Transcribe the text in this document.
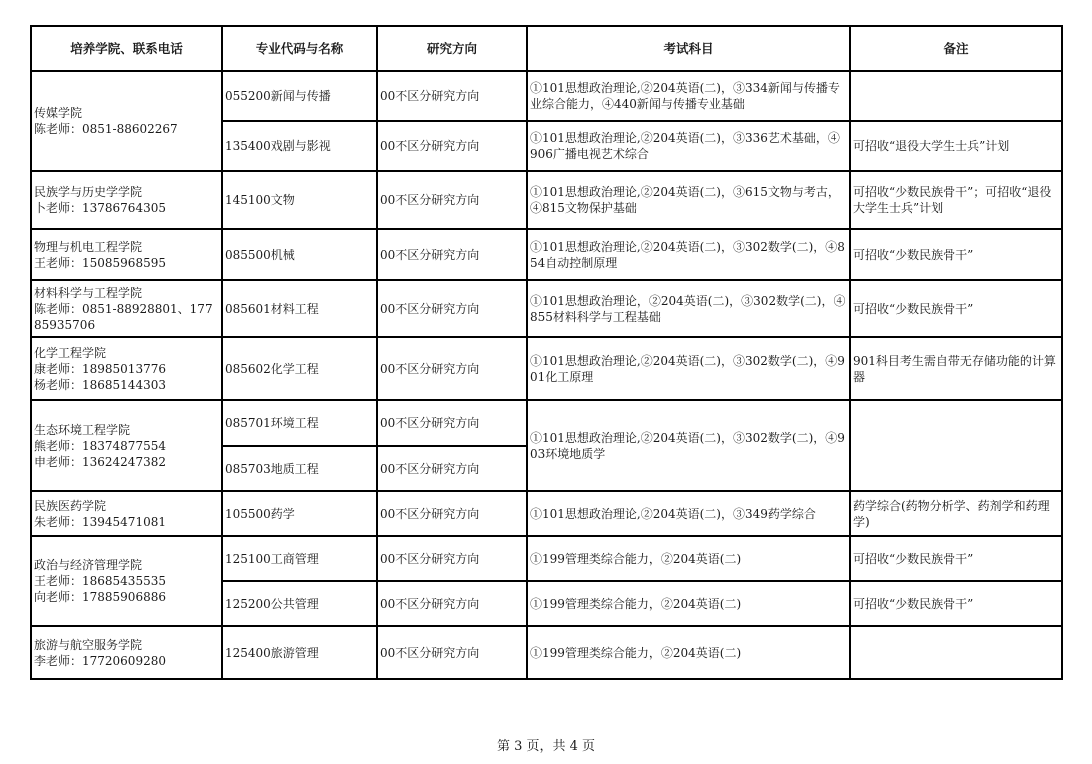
培养学院、联系电话	专业代码与名称	研究方向	考试科目	备注

传媒学院
陈老师：0851-88602267	055200新闻与传播	00不区分研究方向	①101思想政治理论,②204英语(二)，③334新闻与传播专业综合能力，④440新闻与传播专业基础	
	135400戏剧与影视	00不区分研究方向	①101思想政治理论,②204英语(二)，③336艺术基础，④906广播电视艺术综合	可招收“退役大学生士兵”计划

民族学与历史学学院
卜老师：13786764305	145100文物	00不区分研究方向	①101思想政治理论,②204英语(二)，③615文物与考古，④815文物保护基础	可招收“少数民族骨干”；可招收“退役大学生士兵”计划

物理与机电工程学院
王老师：15085968595	085500机械	00不区分研究方向	①101思想政治理论,②204英语(二)，③302数学(二)，④854自动控制原理	可招收“少数民族骨干”

材料科学与工程学院
陈老师：0851-88928801、17785935706	085601材料工程	00不区分研究方向	①101思想政治理论，②204英语(二)，③302数学(二)，④855材料科学与工程基础	可招收“少数民族骨干”

化学工程学院
康老师：18985013776
杨老师：18685144303	085602化学工程	00不区分研究方向	①101思想政治理论,②204英语(二)，③302数学(二)，④901化工原理	901科目考生需自带无存储功能的计算器

生态环境工程学院
熊老师：18374877554
申老师：13624247382	085701环境工程	00不区分研究方向	①101思想政治理论,②204英语(二)，③302数学(二)，④903环境地质学	
	085703地质工程	00不区分研究方向		

民族医药学院
朱老师：13945471081	105500药学	00不区分研究方向	①101思想政治理论,②204英语(二)，③349药学综合	药学综合(药物分析学、药剂学和药理学)

政治与经济管理学院
王老师：18685435535
向老师：17885906886	125100工商管理	00不区分研究方向	①199管理类综合能力，②204英语(二)	可招收“少数民族骨干”
	125200公共管理	00不区分研究方向	①199管理类综合能力，②204英语(二)	可招收“少数民族骨干”

旅游与航空服务学院
李老师：17720609280	125400旅游管理	00不区分研究方向	①199管理类综合能力，②204英语(二)	
第 3 页，共 4 页
